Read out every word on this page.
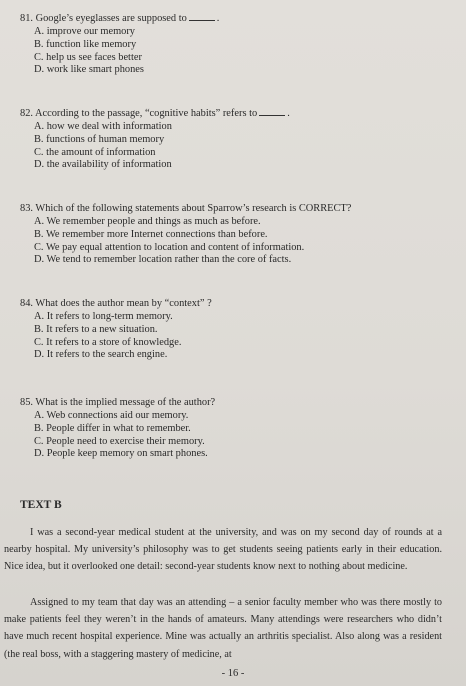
81. Google’s eyeglasses are supposed to	.
A. improve our memory
B. function like memory
C. help us see faces better
D. work like smart phones
82. According to the passage, “cognitive habits” refers to	.
A. how we deal with information
B. functions of human memory
C. the amount of information
D. the availability of information
83. Which of the following statements about Sparrow’s research is CORRECT?
A. We remember people and things as much as before.
B. We remember more Internet connections than before.
C. We pay equal attention to location and content of information.
D. We tend to remember location rather than the core of facts.
84. What does the author mean by “context” ?
A. It refers to long-term memory.
B. It refers to a new situation.
C. It refers to a store of knowledge.
D. It refers to the search engine.
85. What is the implied message of the author?
A. Web connections aid our memory.
B. People differ in what to remember.
C. People need to exercise their memory.
D. People keep memory on smart phones.
TEXT B
I was a second-year medical student at the university, and was on my second day of rounds at a nearby hospital. My university’s philosophy was to get students seeing patients early in their education. Nice idea, but it overlooked one detail: second-year students know next to nothing about medicine.
Assigned to my team that day was an attending – a senior faculty member who was there mostly to make patients feel they weren’t in the hands of amateurs. Many attendings were researchers who didn’t have much recent hospital experience. Mine was actually an arthritis specialist. Also along was a resident (the real boss, with a staggering mastery of medicine, at
- 16 -
